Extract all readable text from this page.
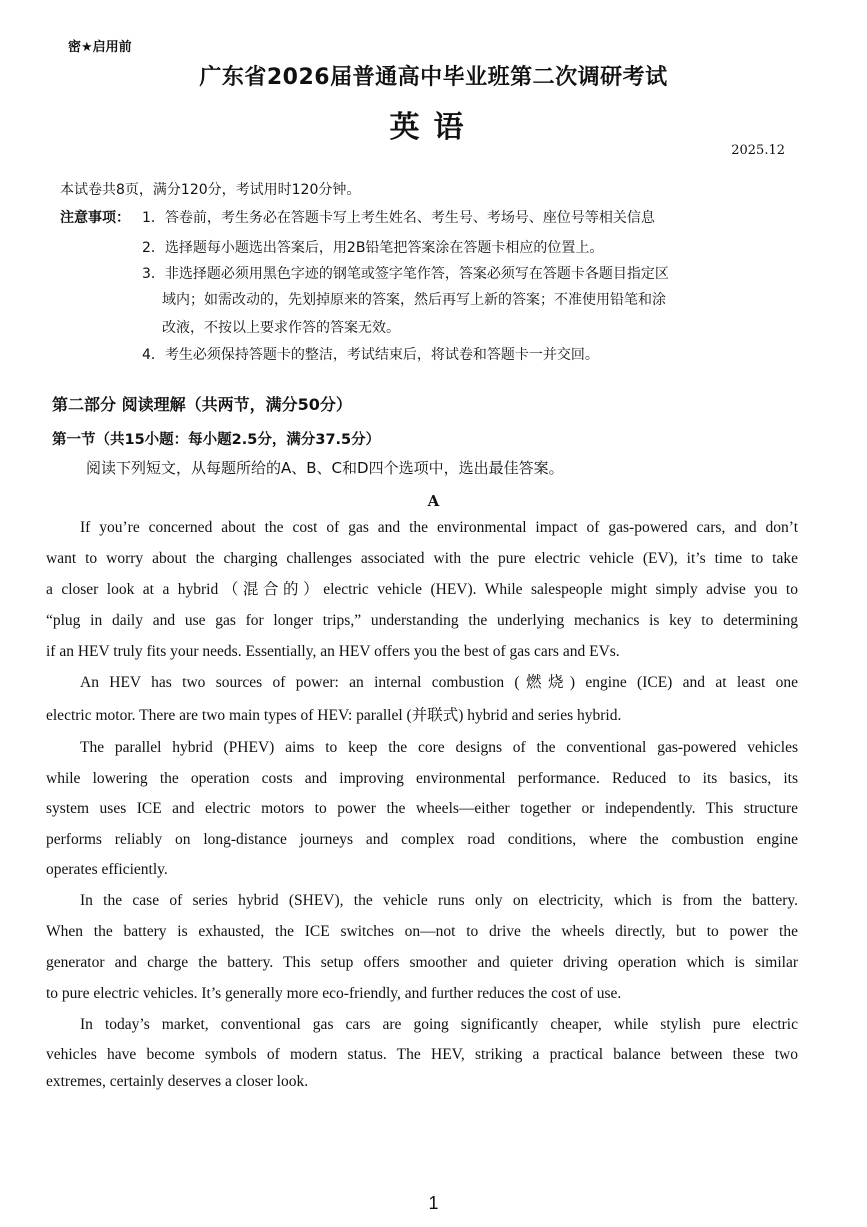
密★启用前
广东省2026届普通高中毕业班第二次调研考试
英语
2025.12
本试卷共8页，满分120分，考试用时120分钟。
注意事项： 1．答卷前，考生务必在答题卡写上考生姓名、考生号、考场号、座位号等相关信息
2．选择题每小题选出答案后，用2B铅笔把答案涂在答题卡相应的位置上。
3．非选择题必须用黑色字迹的钢笔或签字笔作答，答案必须写在答题卡各题目指定区
域内；如需改动的，先划掉原来的答案，然后再写上新的答案；不准使用铅笔和涂
改液，不按以上要求作答的答案无效。
4．考生必须保持答题卡的整洁，考试结束后，将试卷和答题卡一并交回。
第二部分 阅读理解（共两节，满分50分）
第一节（共15小题：每小题2.5分，满分37.5分）
阅读下列短文，从每题所给的A、B、C和D四个选项中，选出最佳答案。
A
If you’re concerned about the cost of gas and the environmental impact of gas-powered cars, and don’t
want to worry about the charging challenges associated with the pure electric vehicle (EV), it’s time to take
a closer look at a hybrid（混合的）electric vehicle (HEV). While salespeople might simply advise you to
“plug in daily and use gas for longer trips,” understanding the underlying mechanics is key to determining
if an HEV truly fits your needs. Essentially, an HEV offers you the best of gas cars and EVs.
An HEV has two sources of power: an internal combustion (燃烧) engine (ICE) and at least one
electric motor. There are two main types of HEV: parallel (并联式) hybrid and series hybrid.
The parallel hybrid (PHEV) aims to keep the core designs of the conventional gas-powered vehicles
while lowering the operation costs and improving environmental performance. Reduced to its basics, its
system uses ICE and electric motors to power the wheels—either together or independently. This structure
performs reliably on long-distance journeys and complex road conditions, where the combustion engine
operates efficiently.
In the case of series hybrid (SHEV), the vehicle runs only on electricity, which is from the battery.
When the battery is exhausted, the ICE switches on—not to drive the wheels directly, but to power the
generator and charge the battery. This setup offers smoother and quieter driving operation which is similar
to pure electric vehicles. It’s generally more eco-friendly, and further reduces the cost of use.
In today’s market, conventional gas cars are going significantly cheaper, while stylish pure electric
vehicles have become symbols of modern status. The HEV, striking a practical balance between these two
extremes, certainly deserves a closer look.
1
